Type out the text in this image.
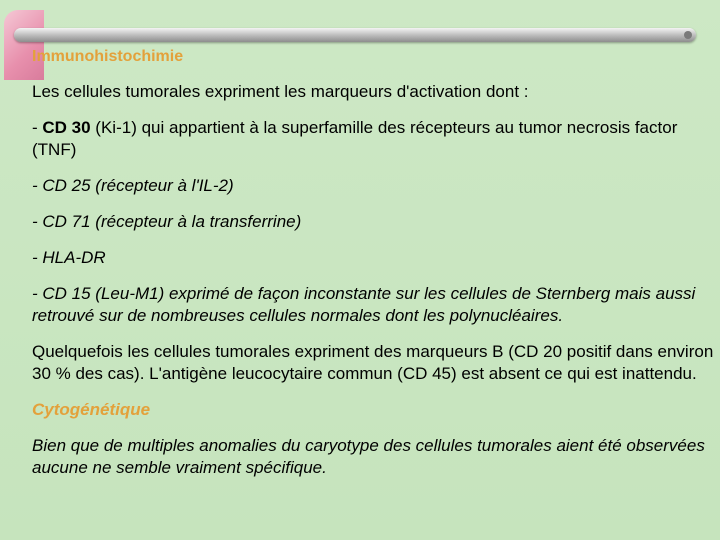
Immunohistochimie
Les cellules tumorales expriment les marqueurs d'activation dont :
- CD 30 (Ki-1) qui appartient à la superfamille des récepteurs au tumor necrosis factor (TNF)
- CD 25 (récepteur à l'IL-2)
- CD 71 (récepteur à la transferrine)
- HLA-DR
- CD 15 (Leu-M1) exprimé de façon inconstante sur les cellules de Sternberg mais aussi retrouvé sur de nombreuses cellules normales dont les polynucléaires.
Quelquefois les cellules tumorales expriment des marqueurs B (CD 20 positif dans environ 30 % des cas). L'antigène leucocytaire commun (CD 45) est absent ce qui est inattendu.
Cytogénétique
Bien que de multiples anomalies du caryotype des cellules tumorales aient été observées aucune ne semble vraiment spécifique.
